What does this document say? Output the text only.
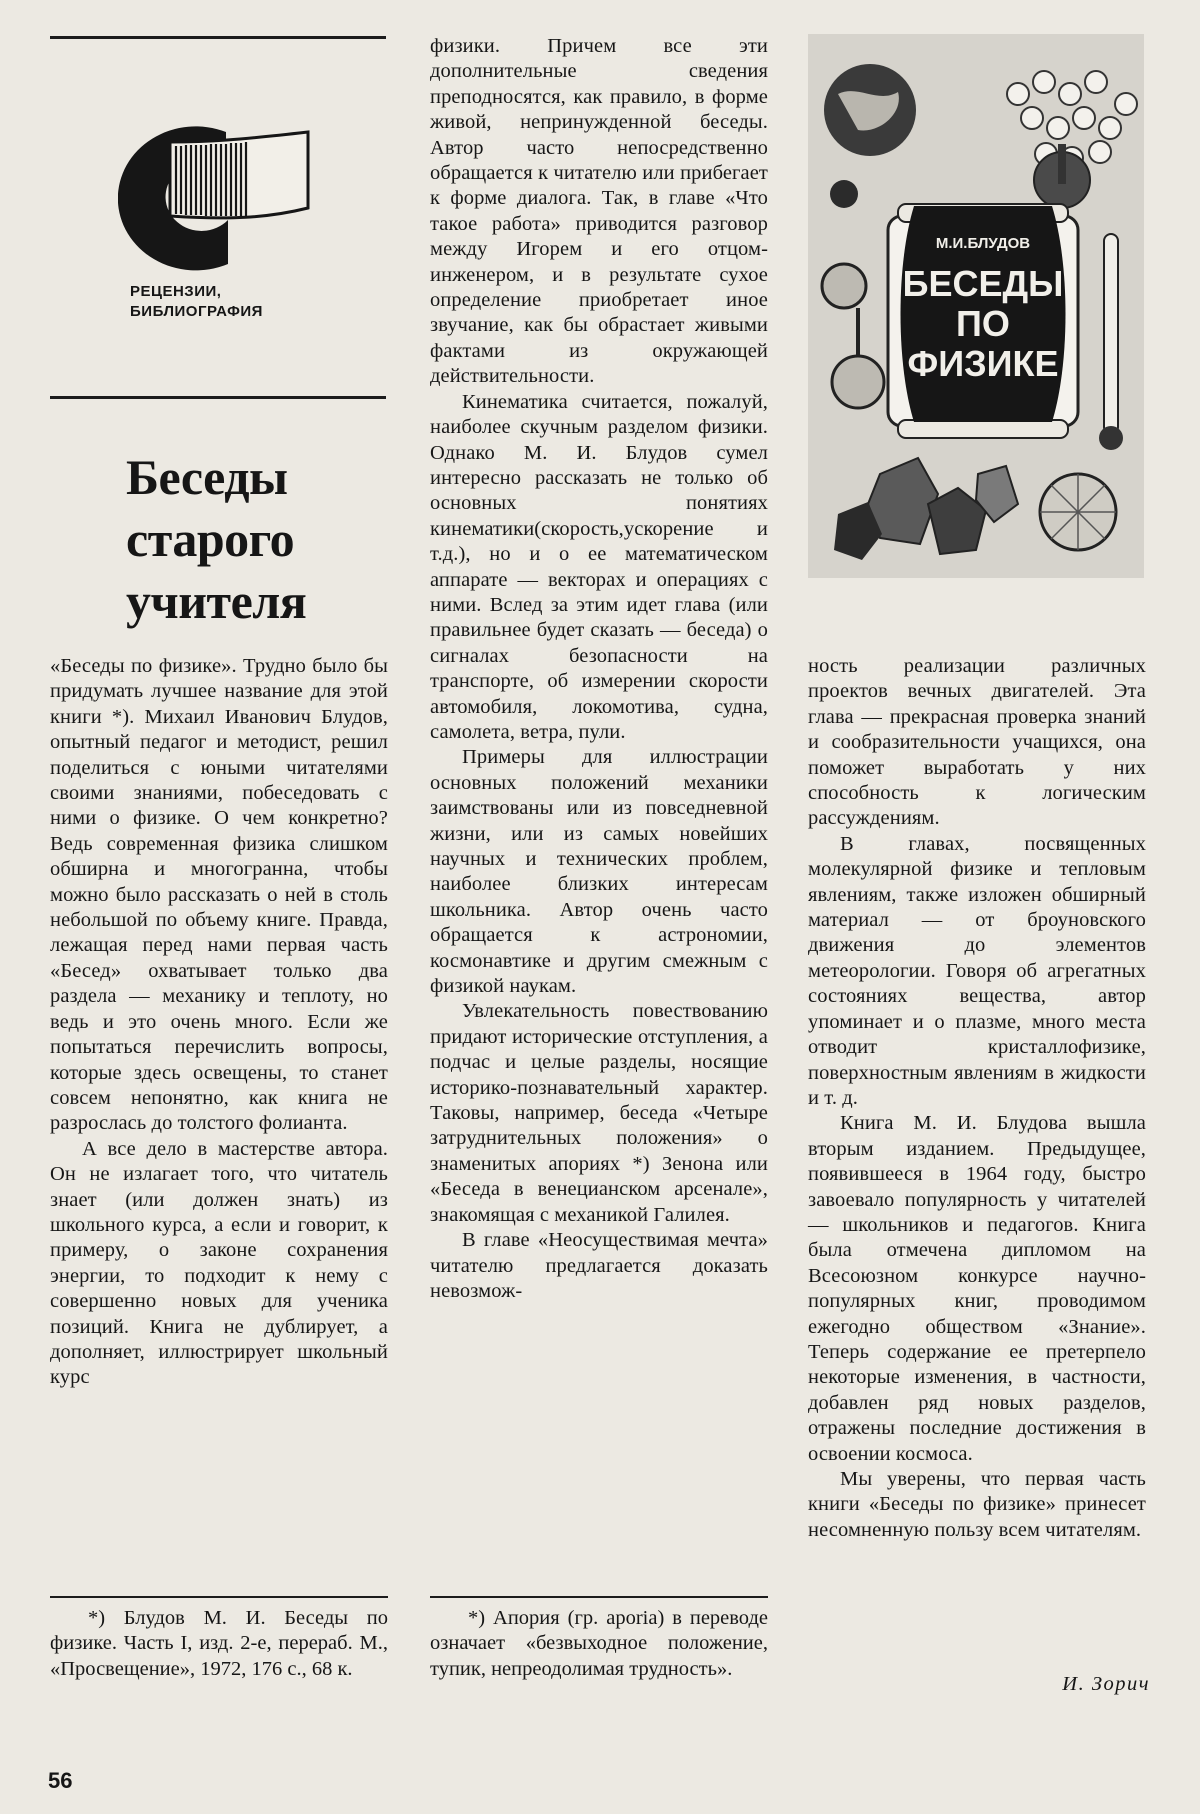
РЕЦЕНЗИИ,
БИБЛИОГРАФИЯ
Беседы
старого
учителя

«Беседы по физике». Трудно было бы придумать лучшее название для этой книги *). Михаил Иванович Блудов, опытный педагог и методист, решил поделиться с юными читателями своими знаниями, побеседовать с ними о физике. О чем конкретно? Ведь современная физика слишком обширна и многогранна, чтобы можно было рассказать о ней в столь небольшой по объему книге. Правда, лежащая перед нами первая часть «Бесед» охватывает только два раздела — механику и теплоту, но ведь и это очень много. Если же попытаться перечислить вопросы, которые здесь освещены, то станет совсем непонятно, как книга не разрослась до толстого фолианта.

А все дело в мастерстве автора. Он не излагает того, что читатель знает (или должен знать) из школьного курса, а если и говорит, к примеру, о законе сохранения энергии, то подходит к нему с совершенно новых для ученика позиций. Книга не дублирует, а дополняет, иллюстрирует школьный курс

*) Блудов М. И. Беседы по физике. Часть I, изд. 2-е, перераб. М., «Просвещение», 1972, 176 с., 68 к.

физики. Причем все эти дополнительные сведения преподносятся, как правило, в форме живой, непринужденной беседы. Автор часто непосредственно обращается к читателю или прибегает к форме диалога. Так, в главе «Что такое работа» приводится разговор между Игорем и его отцом-инженером, и в результате сухое определение приобретает иное звучание, как бы обрастает живыми фактами из окружающей действительности.

Кинематика считается, пожалуй, наиболее скучным разделом физики. Однако М. И. Блудов сумел интересно рассказать не только об основных понятиях кинематики(скорость,ускорение и т.д.), но и о ее математическом аппарате — векторах и операциях с ними. Вслед за этим идет глава (или правильнее будет сказать — беседа) о сигналах безопасности на транспорте, об измерении скорости автомобиля, локомотива, судна, самолета, ветра, пули.

Примеры для иллюстрации основных положений механики заимствованы или из повседневной жизни, или из самых новейших научных и технических проблем, наиболее близких интересам школьника. Автор очень часто обращается к астрономии, космонавтике и другим смежным с физикой наукам.

Увлекательность повествованию придают исторические отступления, а подчас и целые разделы, носящие историко-познавательный характер. Таковы, например, беседа «Четыре затруднительных положения» о знаменитых апориях *) Зенона или «Беседа в венецианском арсенале», знакомящая с механикой Галилея.

В главе «Неосуществимая мечта» читателю предлагается доказать невозмож-

*) Апория (гр. aporia) в переводе означает «безвыходное положение, тупик, непреодолимая трудность».

М.И.БЛУДОВ
БЕСЕДЫ
ПО
ФИЗИКЕ

ность реализации различных проектов вечных двигателей. Эта глава — прекрасная проверка знаний и сообразительности учащихся, она поможет выработать у них способность к логическим рассуждениям.

В главах, посвященных молекулярной физике и тепловым явлениям, также изложен обширный материал — от броуновского движения до элементов метеорологии. Говоря об агрегатных состояниях вещества, автор упоминает и о плазме, много места отводит кристаллофизике, поверхностным явлениям в жидкости и т. д.

Книга М. И. Блудова вышла вторым изданием. Предыдущее, появившееся в 1964 году, быстро завоевало популярность у читателей — школьников и педагогов. Книга была отмечена дипломом на Всесоюзном конкурсе научно-популярных книг, проводимом ежегодно обществом «Знание». Теперь содержание ее претерпело некоторые изменения, в частности, добавлен ряд новых разделов, отражены последние достижения в освоении космоса.

Мы уверены, что первая часть книги «Беседы по физике» принесет несомненную пользу всем читателям.

И. Зорич
56
